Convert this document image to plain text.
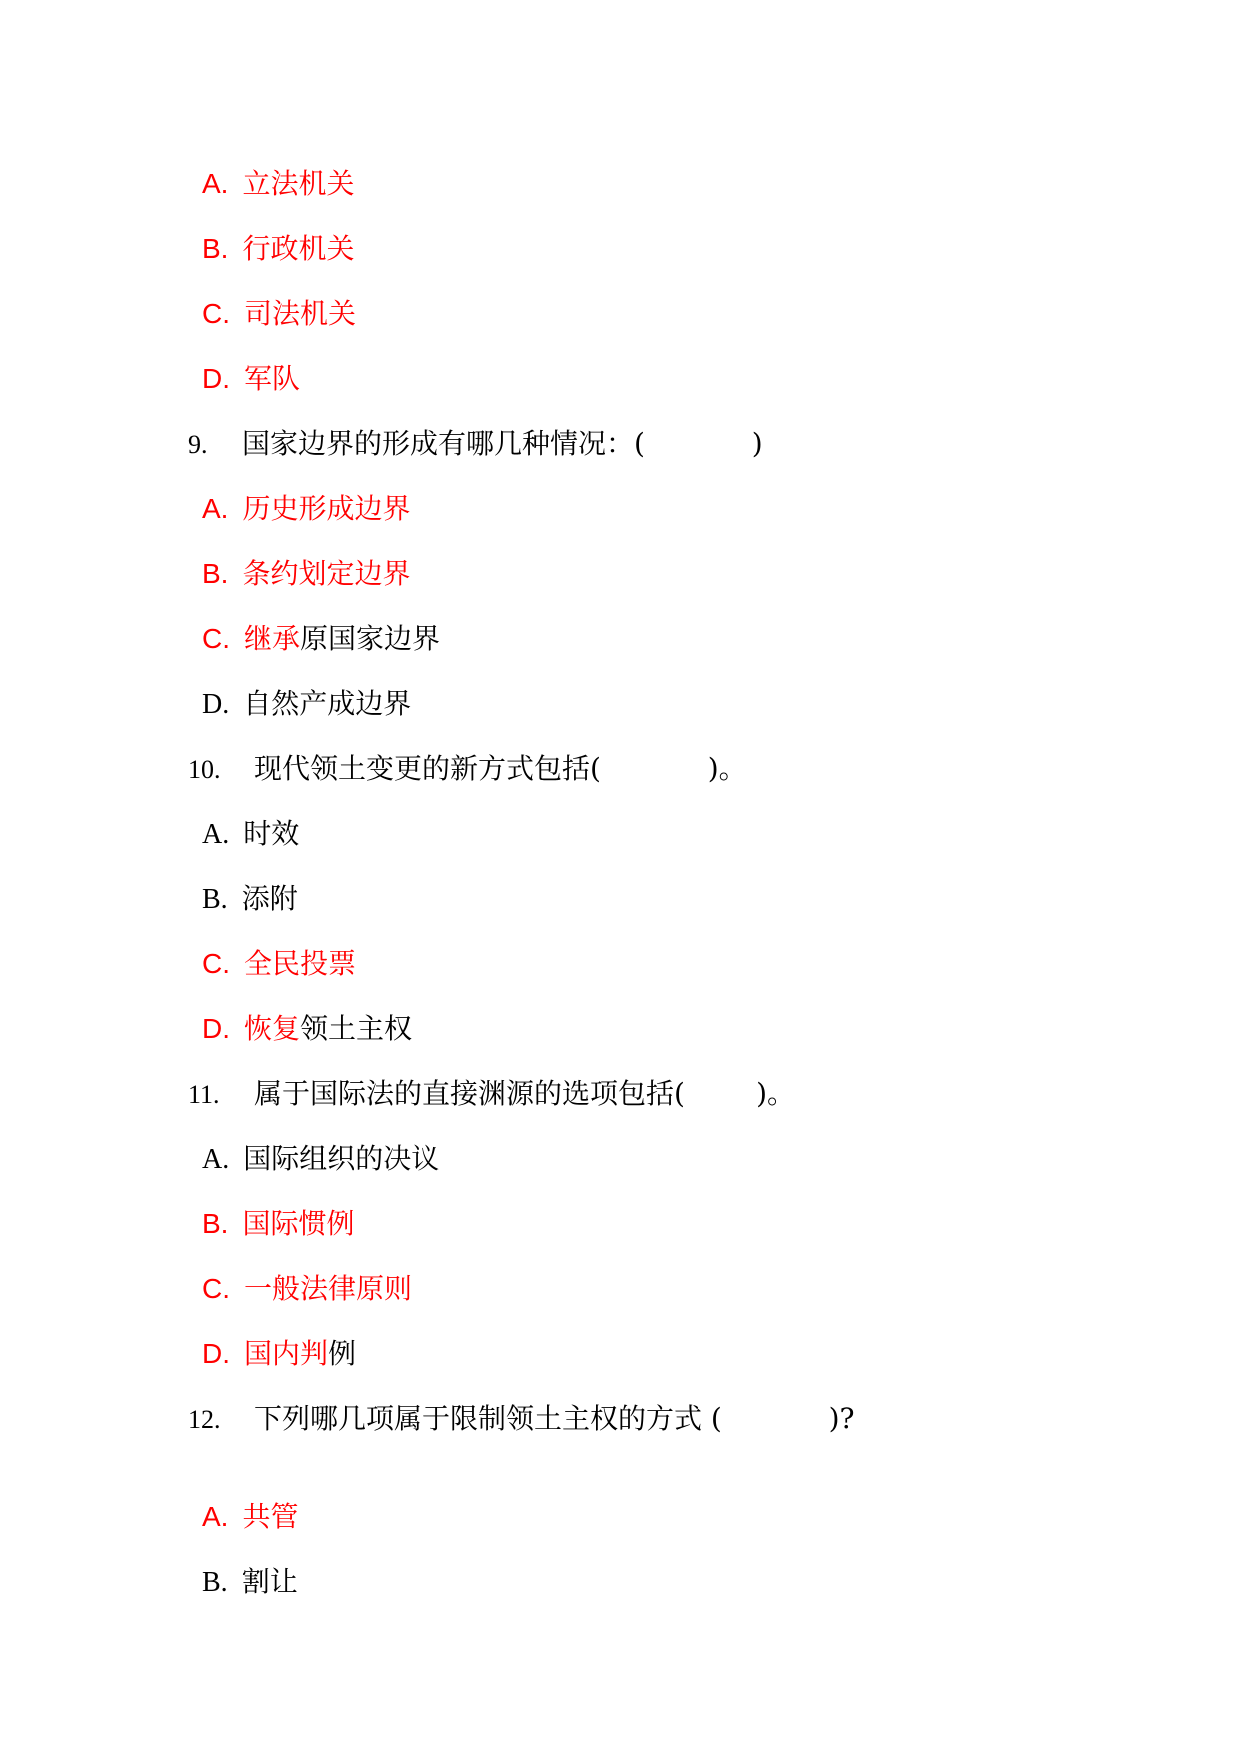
A. 立法机关
B. 行政机关
C. 司法机关
D. 军队
9. 国家边界的形成有哪几种情况：(            )
A. 历史形成边界
B. 条约划定边界
C. 继承原国家边界
D. 自然产成边界
10. 现代领土变更的新方式包括(            )。
A. 时效
B. 添附
C. 全民投票
D. 恢复领土主权
11. 属于国际法的直接渊源的选项包括(        )。
A. 国际组织的决议
B. 国际惯例
C. 一般法律原则
D. 国内判例
12. 下列哪几项属于限制领土主权的方式 (            )?
A. 共管
B. 割让
